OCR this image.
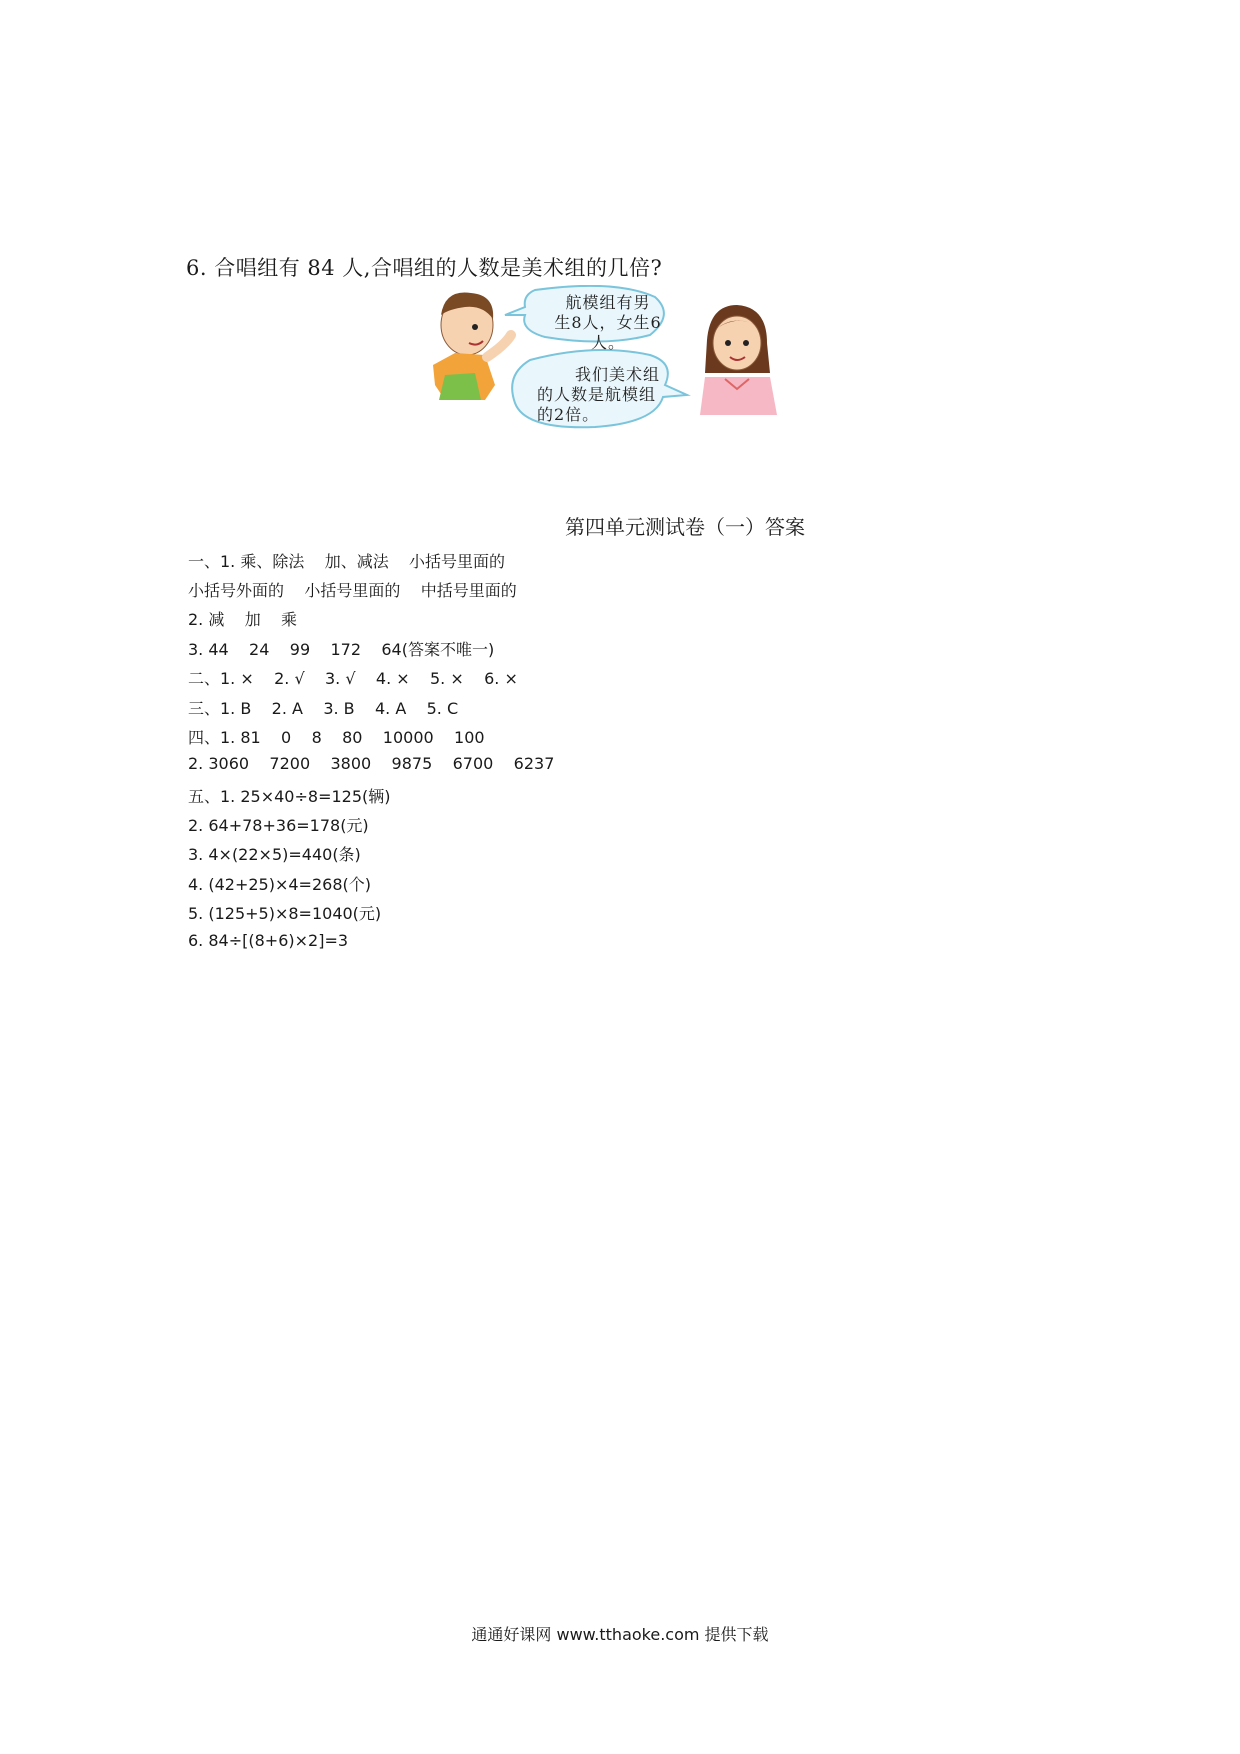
6. 合唱组有 84 人,合唱组的人数是美术组的几倍?
航模组有男
生8人，女生6人。
我们美术组
的人数是航模组
的2倍。
第四单元测试卷（一）答案
一、1. 乘、除法    加、减法    小括号里面的
小括号外面的    小括号里面的    中括号里面的
2. 减    加    乘
3. 44    24    99    172    64(答案不唯一)
二、1. ×    2. √    3. √    4. ×    5. ×    6. ×
三、1. B    2. A    3. B    4. A    5. C
四、1. 81    0    8    80    10000    100
2. 3060    7200    3800    9875    6700    6237
五、1. 25×40÷8=125(辆)
2. 64+78+36=178(元)
3. 4×(22×5)=440(条)
4. (42+25)×4=268(个)
5. (125+5)×8=1040(元)
6. 84÷[(8+6)×2]=3
通通好课网 www.tthaoke.com 提供下载
